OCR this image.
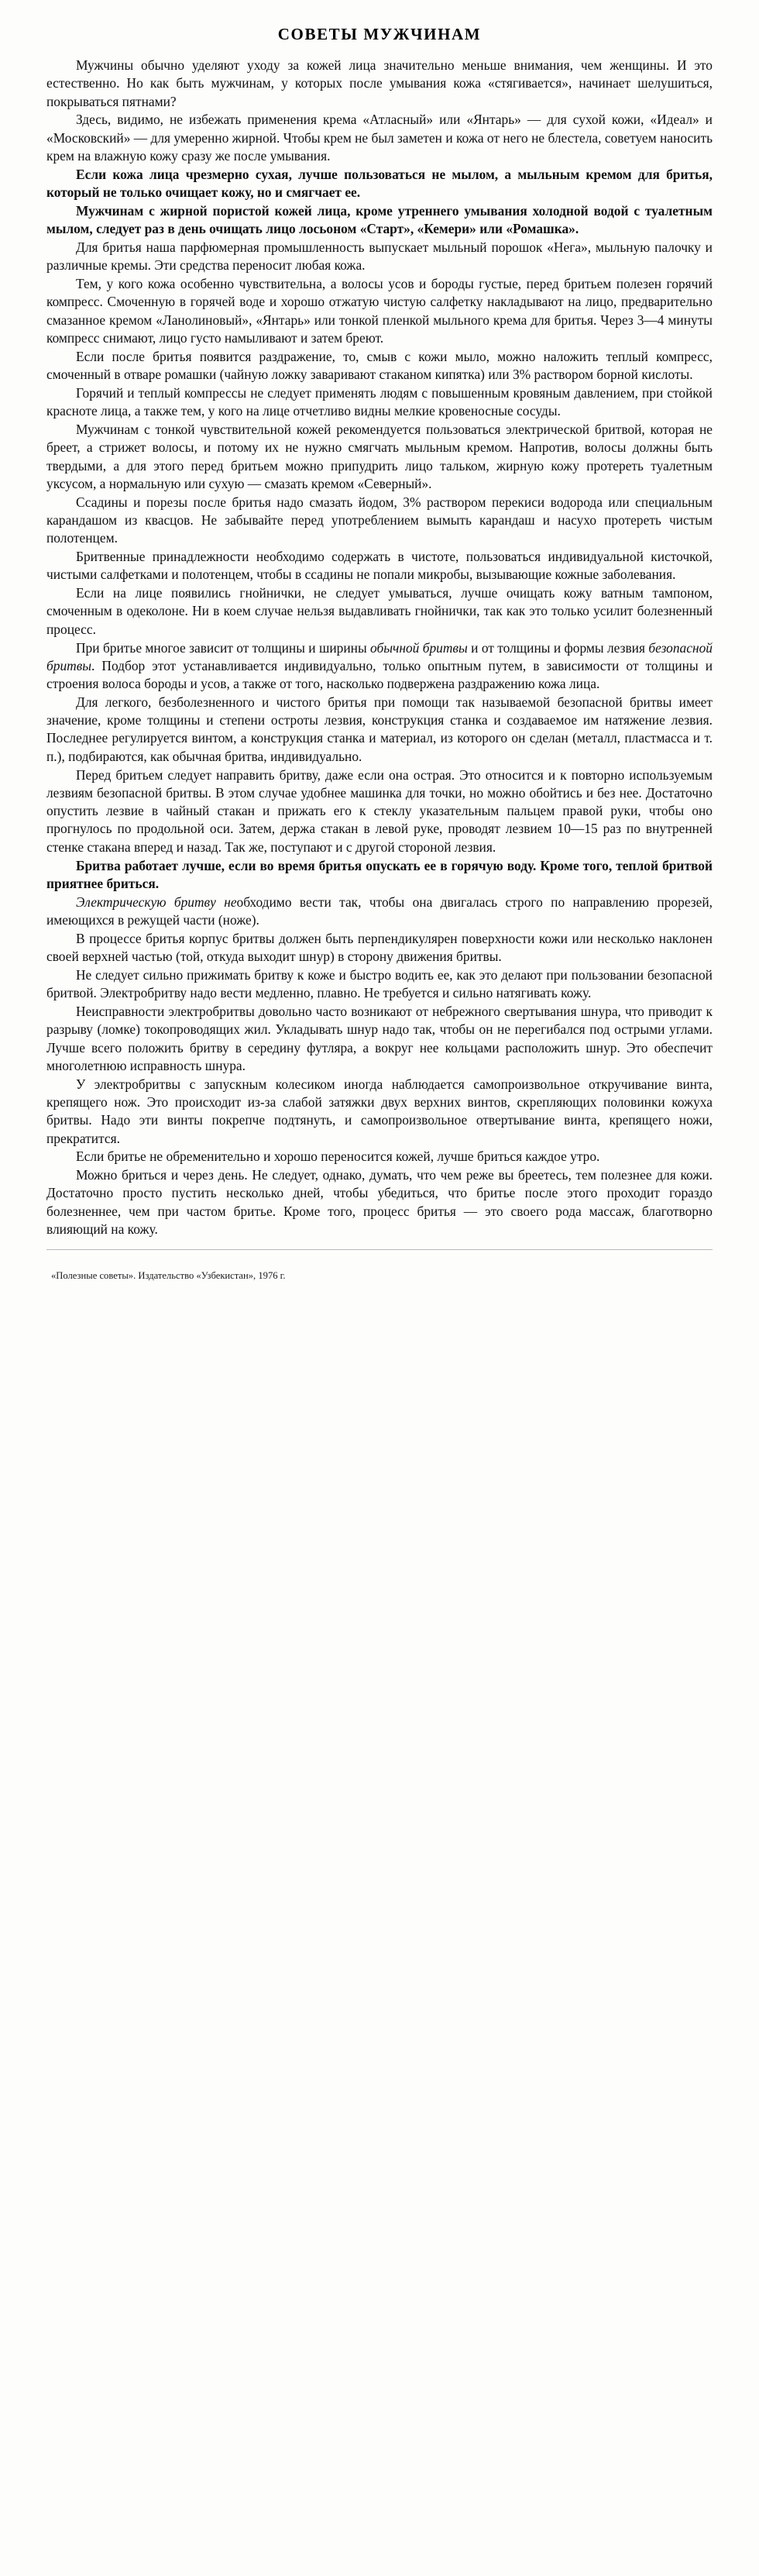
СОВЕТЫ МУЖЧИНАМ

Мужчины обычно уделяют уходу за кожей лица значительно меньше внимания, чем женщины. И это естественно. Но как быть мужчинам, у которых после умывания кожа «стягивается», начинает шелушиться, покрываться пятнами?

Здесь, видимо, не избежать применения крема «Атласный» или «Янтарь» — для сухой кожи, «Идеал» и «Московский» — для умеренно жирной. Чтобы крем не был заметен и кожа от него не блестела, советуем наносить крем на влажную кожу сразу же после умывания.

Если кожа лица чрезмерно сухая, лучше пользоваться не мылом, а мыльным кремом для бритья, который не только очищает кожу, но и смягчает ее.

Мужчинам с жирной пористой кожей лица, кроме утреннего умывания холодной водой с туалетным мылом, следует раз в день очищать лицо лосьоном «Старт», «Кемери» или «Ромашка».

Для бритья наша парфюмерная промышленность выпускает мыльный порошок «Нега», мыльную палочку и различные кремы. Эти средства переносит любая кожа.

Тем, у кого кожа особенно чувствительна, а волосы усов и бороды густые, перед бритьем полезен горячий компресс. Смоченную в горячей воде и хорошо отжатую чистую салфетку накладывают на лицо, предварительно смазанное кремом «Ланолиновый», «Янтарь» или тонкой пленкой мыльного крема для бритья. Через 3—4 минуты компресс снимают, лицо густо намыливают и затем бреют.

Если после бритья появится раздражение, то, смыв с кожи мыло, можно наложить теплый компресс, смоченный в отваре ромашки (чайную ложку заваривают стаканом кипятка) или 3% раствором борной кислоты.

Горячий и теплый компрессы не следует применять людям с повышенным кровяным давлением, при стойкой красноте лица, а также тем, у кого на лице отчетливо видны мелкие кровеносные сосуды.

Мужчинам с тонкой чувствительной кожей рекомендуется пользоваться электрической бритвой, которая не бреет, а стрижет волосы, и потому их не нужно смягчать мыльным кремом. Напротив, волосы должны быть твердыми, а для этого перед бритьем можно припудрить лицо тальком, жирную кожу протереть туалетным уксусом, а нормальную или сухую — смазать кремом «Северный».

Ссадины и порезы после бритья надо смазать йодом, 3% раствором перекиси водорода или специальным карандашом из квасцов. Не забывайте перед употреблением вымыть карандаш и насухо протереть чистым полотенцем.

Бритвенные принадлежности необходимо содержать в чистоте, пользоваться индивидуальной кисточкой, чистыми салфетками и полотенцем, чтобы в ссадины не попали микробы, вызывающие кожные заболевания.

Если на лице появились гнойнички, не следует умываться, лучше очищать кожу ватным тампоном, смоченным в одеколоне. Ни в коем случае нельзя выдавливать гнойнички, так как это только усилит болезненный процесс.

При бритье многое зависит от толщины и ширины обычной бритвы и от толщины и формы лезвия безопасной бритвы. Подбор этот устанавливается индивидуально, только опытным путем, в зависимости от толщины и строения волоса бороды и усов, а также от того, насколько подвержена раздражению кожа лица.

Для легкого, безболезненного и чистого бритья при помощи так называемой безопасной бритвы имеет значение, кроме толщины и степени остроты лезвия, конструкция станка и создаваемое им натяжение лезвия. Последнее регулируется винтом, а конструкция станка и материал, из которого он сделан (металл, пластмасса и т. п.), подбираются, как обычная бритва, индивидуально.

Перед бритьем следует направить бритву, даже если она острая. Это относится и к повторно используемым лезвиям безопасной бритвы. В этом случае удобнее машинка для точки, но можно обойтись и без нее. Достаточно опустить лезвие в чайный стакан и прижать его к стеклу указательным пальцем правой руки, чтобы оно прогнулось по продольной оси. Затем, держа стакан в левой руке, проводят лезвием 10—15 раз по внутренней стенке стакана вперед и назад. Так же, поступают и с другой стороной лезвия.

Бритва работает лучше, если во время бритья опускать ее в горячую воду. Кроме того, теплой бритвой приятнее бриться.

Электрическую бритву необходимо вести так, чтобы она двигалась строго по направлению прорезей, имеющихся в режущей части (ноже).

В процессе бритья корпус бритвы должен быть перпендикулярен поверхности кожи или несколько наклонен своей верхней частью (той, откуда выходит шнур) в сторону движения бритвы.

Не следует сильно прижимать бритву к коже и быстро водить ее, как это делают при пользовании безопасной бритвой. Электробритву надо вести медленно, плавно. Не требуется и сильно натягивать кожу.

Неисправности электробритвы довольно часто возникают от небрежного свертывания шнура, что приводит к разрыву (ломке) токопроводящих жил. Укладывать шнур надо так, чтобы он не перегибался под острыми углами. Лучше всего положить бритву в середину футляра, а вокруг нее кольцами расположить шнур. Это обеспечит многолетнюю исправность шнура.

У электробритвы с запускным колесиком иногда наблюдается самопроизвольное откручивание винта, крепящего нож. Это происходит из-за слабой затяжки двух верхних винтов, скрепляющих половинки кожуха бритвы. Надо эти винты покрепче подтянуть, и самопроизвольное отвертывание винта, крепящего ножи, прекратится.

Если бритье не обременительно и хорошо переносится кожей, лучше бриться каждое утро.

Можно бриться и через день. Не следует, однако, думать, что чем реже вы бреетесь, тем полезнее для кожи. Достаточно просто пустить несколько дней, чтобы убедиться, что бритье после этого проходит гораздо болезненнее, чем при частом бритье. Кроме того, процесс бритья — это своего рода массаж, благотворно влияющий на кожу.

«Полезные советы». Издательство «Узбекистан», 1976 г.
